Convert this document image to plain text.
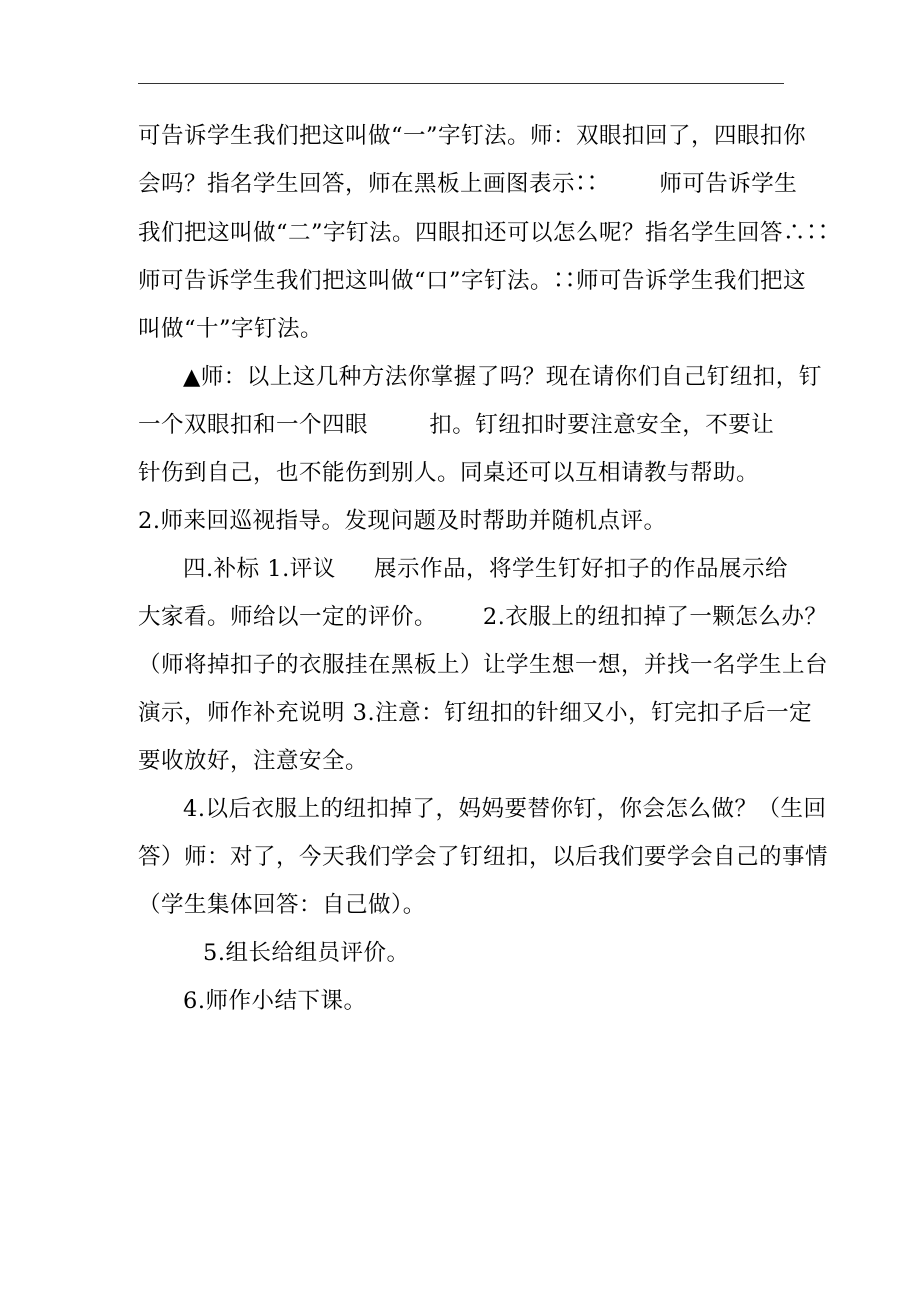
可告诉学生我们把这叫做“一”字钉法。师：双眼扣回了，四眼扣你
会吗？指名学生回答，师在黑板上画图表示∷        师可告诉学生
我们把这叫做“二”字钉法。四眼扣还可以怎么呢？指名学生回答∴∷
师可告诉学生我们把这叫做“口”字钉法。∷师可告诉学生我们把这
叫做“十”字钉法。
▲师：以上这几种方法你掌握了吗？现在请你们自己钉纽扣，钉
一个双眼扣和一个四眼        扣。钉纽扣时要注意安全，不要让
针伤到自己，也不能伤到别人。同桌还可以互相请教与帮助。
2.师来回巡视指导。发现问题及时帮助并随机点评。
四.补标 1.评议     展示作品，将学生钉好扣子的作品展示给
大家看。师给以一定的评价。      2.衣服上的纽扣掉了一颗怎么办？
（师将掉扣子的衣服挂在黑板上）让学生想一想，并找一名学生上台
演示，师作补充说明 3.注意：钉纽扣的针细又小，钉完扣子后一定
要收放好，注意安全。
4.以后衣服上的纽扣掉了，妈妈要替你钉，你会怎么做？（生回
答）师：对了，今天我们学会了钉纽扣，以后我们要学会自己的事情
（学生集体回答：自己做）。
5.组长给组员评价。
6.师作小结下课。
